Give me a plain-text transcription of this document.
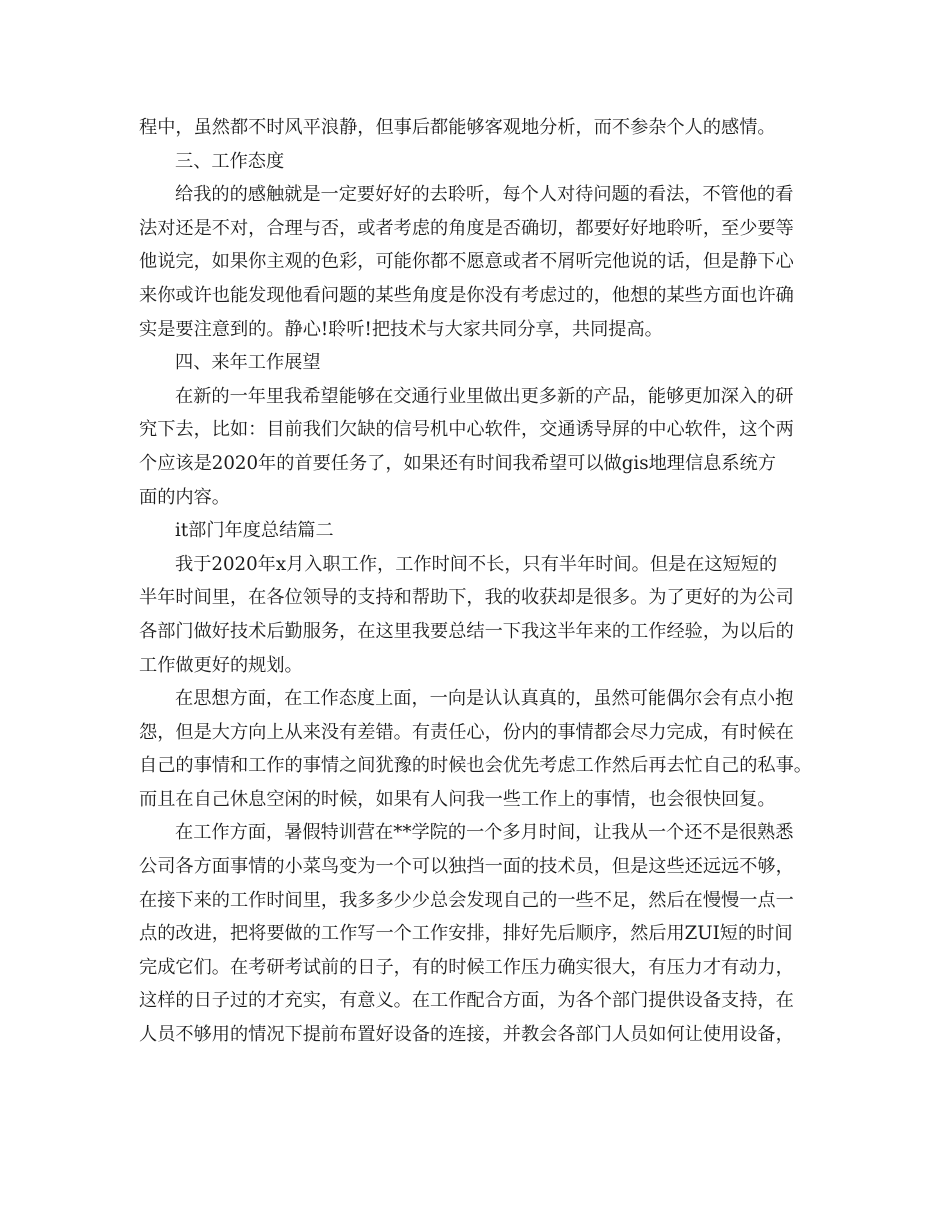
程中，虽然都不时风平浪静，但事后都能够客观地分析，而不参杂个人的感情。
三、工作态度
给我的的感触就是一定要好好的去聆听，每个人对待问题的看法，不管他的看
法对还是不对，合理与否，或者考虑的角度是否确切，都要好好地聆听，至少要等
他说完，如果你主观的色彩，可能你都不愿意或者不屑听完他说的话，但是静下心
来你或许也能发现他看问题的某些角度是你没有考虑过的，他想的某些方面也许确
实是要注意到的。静心!聆听!把技术与大家共同分享，共同提高。
四、来年工作展望
在新的一年里我希望能够在交通行业里做出更多新的产品，能够更加深入的研
究下去，比如：目前我们欠缺的信号机中心软件，交通诱导屏的中心软件，这个两
个应该是2020年的首要任务了，如果还有时间我希望可以做gis地理信息系统方
面的内容。
it部门年度总结篇二
我于2020年x月入职工作，工作时间不长，只有半年时间。但是在这短短的
半年时间里，在各位领导的支持和帮助下，我的收获却是很多。为了更好的为公司
各部门做好技术后勤服务，在这里我要总结一下我这半年来的工作经验，为以后的
工作做更好的规划。
在思想方面，在工作态度上面，一向是认认真真的，虽然可能偶尔会有点小抱
怨，但是大方向上从来没有差错。有责任心，份内的事情都会尽力完成，有时候在
自己的事情和工作的事情之间犹豫的时候也会优先考虑工作然后再去忙自己的私事。
而且在自己休息空闲的时候，如果有人问我一些工作上的事情，也会很快回复。
在工作方面，暑假特训营在**学院的一个多月时间，让我从一个还不是很熟悉
公司各方面事情的小菜鸟变为一个可以独挡一面的技术员，但是这些还远远不够，
在接下来的工作时间里，我多多少少总会发现自己的一些不足，然后在慢慢一点一
点的改进，把将要做的工作写一个工作安排，排好先后顺序，然后用ZUI短的时间
完成它们。在考研考试前的日子，有的时候工作压力确实很大，有压力才有动力，
这样的日子过的才充实，有意义。在工作配合方面，为各个部门提供设备支持，在
人员不够用的情况下提前布置好设备的连接，并教会各部门人员如何让使用设备，
